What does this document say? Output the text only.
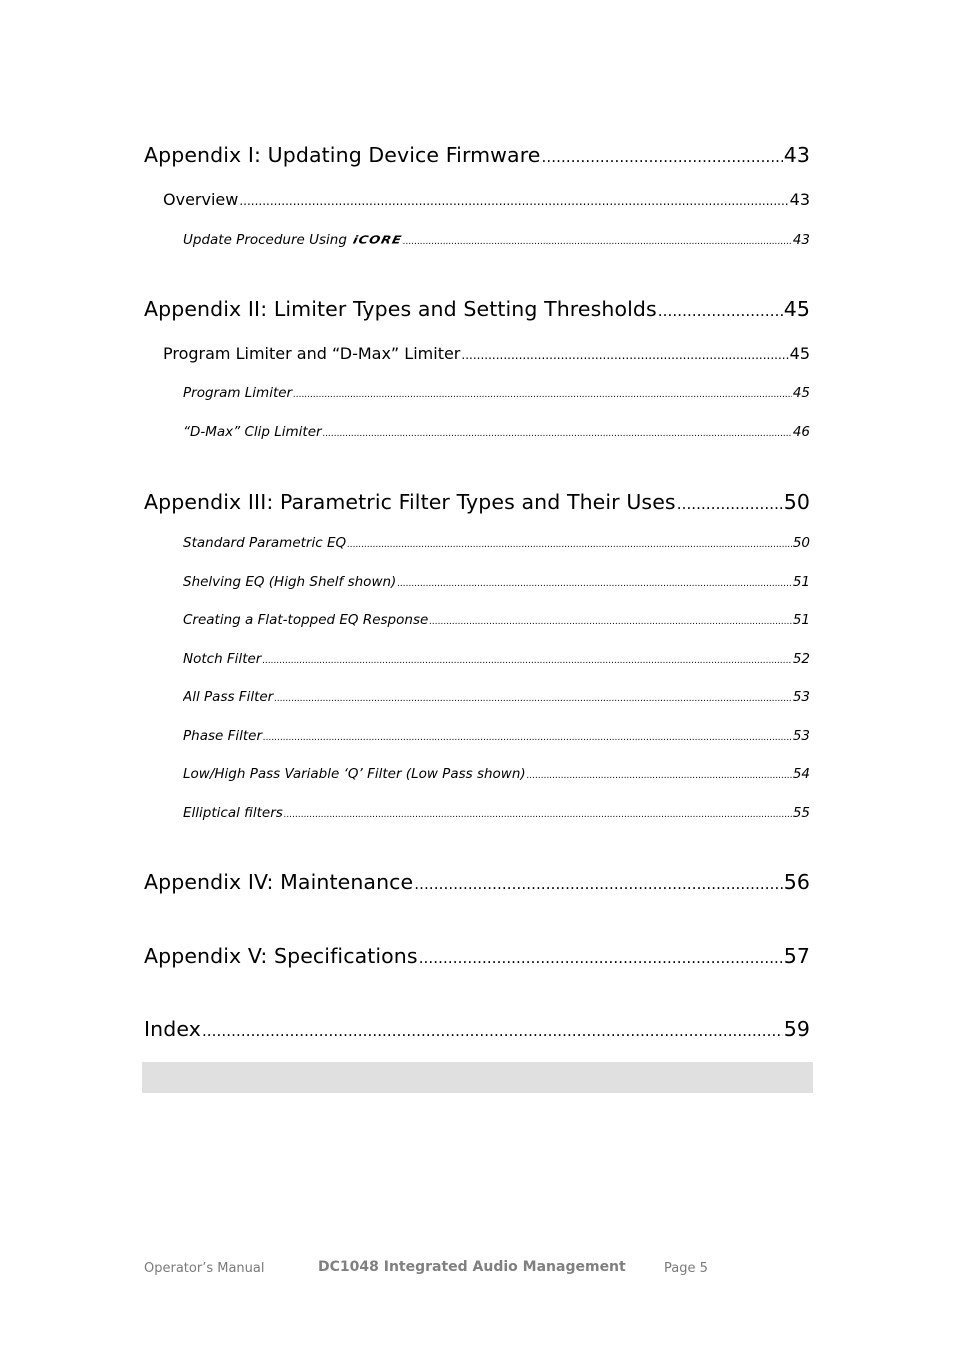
Appendix I: Updating Device Firmware .....	43
Overview .....	43
Update Procedure Using iCORE .....	43
Appendix II: Limiter Types and Setting Thresholds .....	45
Program Limiter and “D-Max” Limiter .....	45
Program Limiter .....	45
“D-Max” Clip Limiter .....	46
Appendix III: Parametric Filter Types and Their Uses .....	50
Standard Parametric EQ .....	50
Shelving EQ (High Shelf shown) .....	51
Creating a Flat-topped EQ Response .....	51
Notch Filter .....	52
All Pass Filter .....	53
Phase Filter .....	53
Low/High Pass Variable ‘Q’ Filter (Low Pass shown) .....	54
Elliptical filters .....	55
Appendix IV: Maintenance .....	56
Appendix V: Specifications .....	57
Index .....	59
Operator’s Manual	DC1048 Integrated Audio Management	Page 5
